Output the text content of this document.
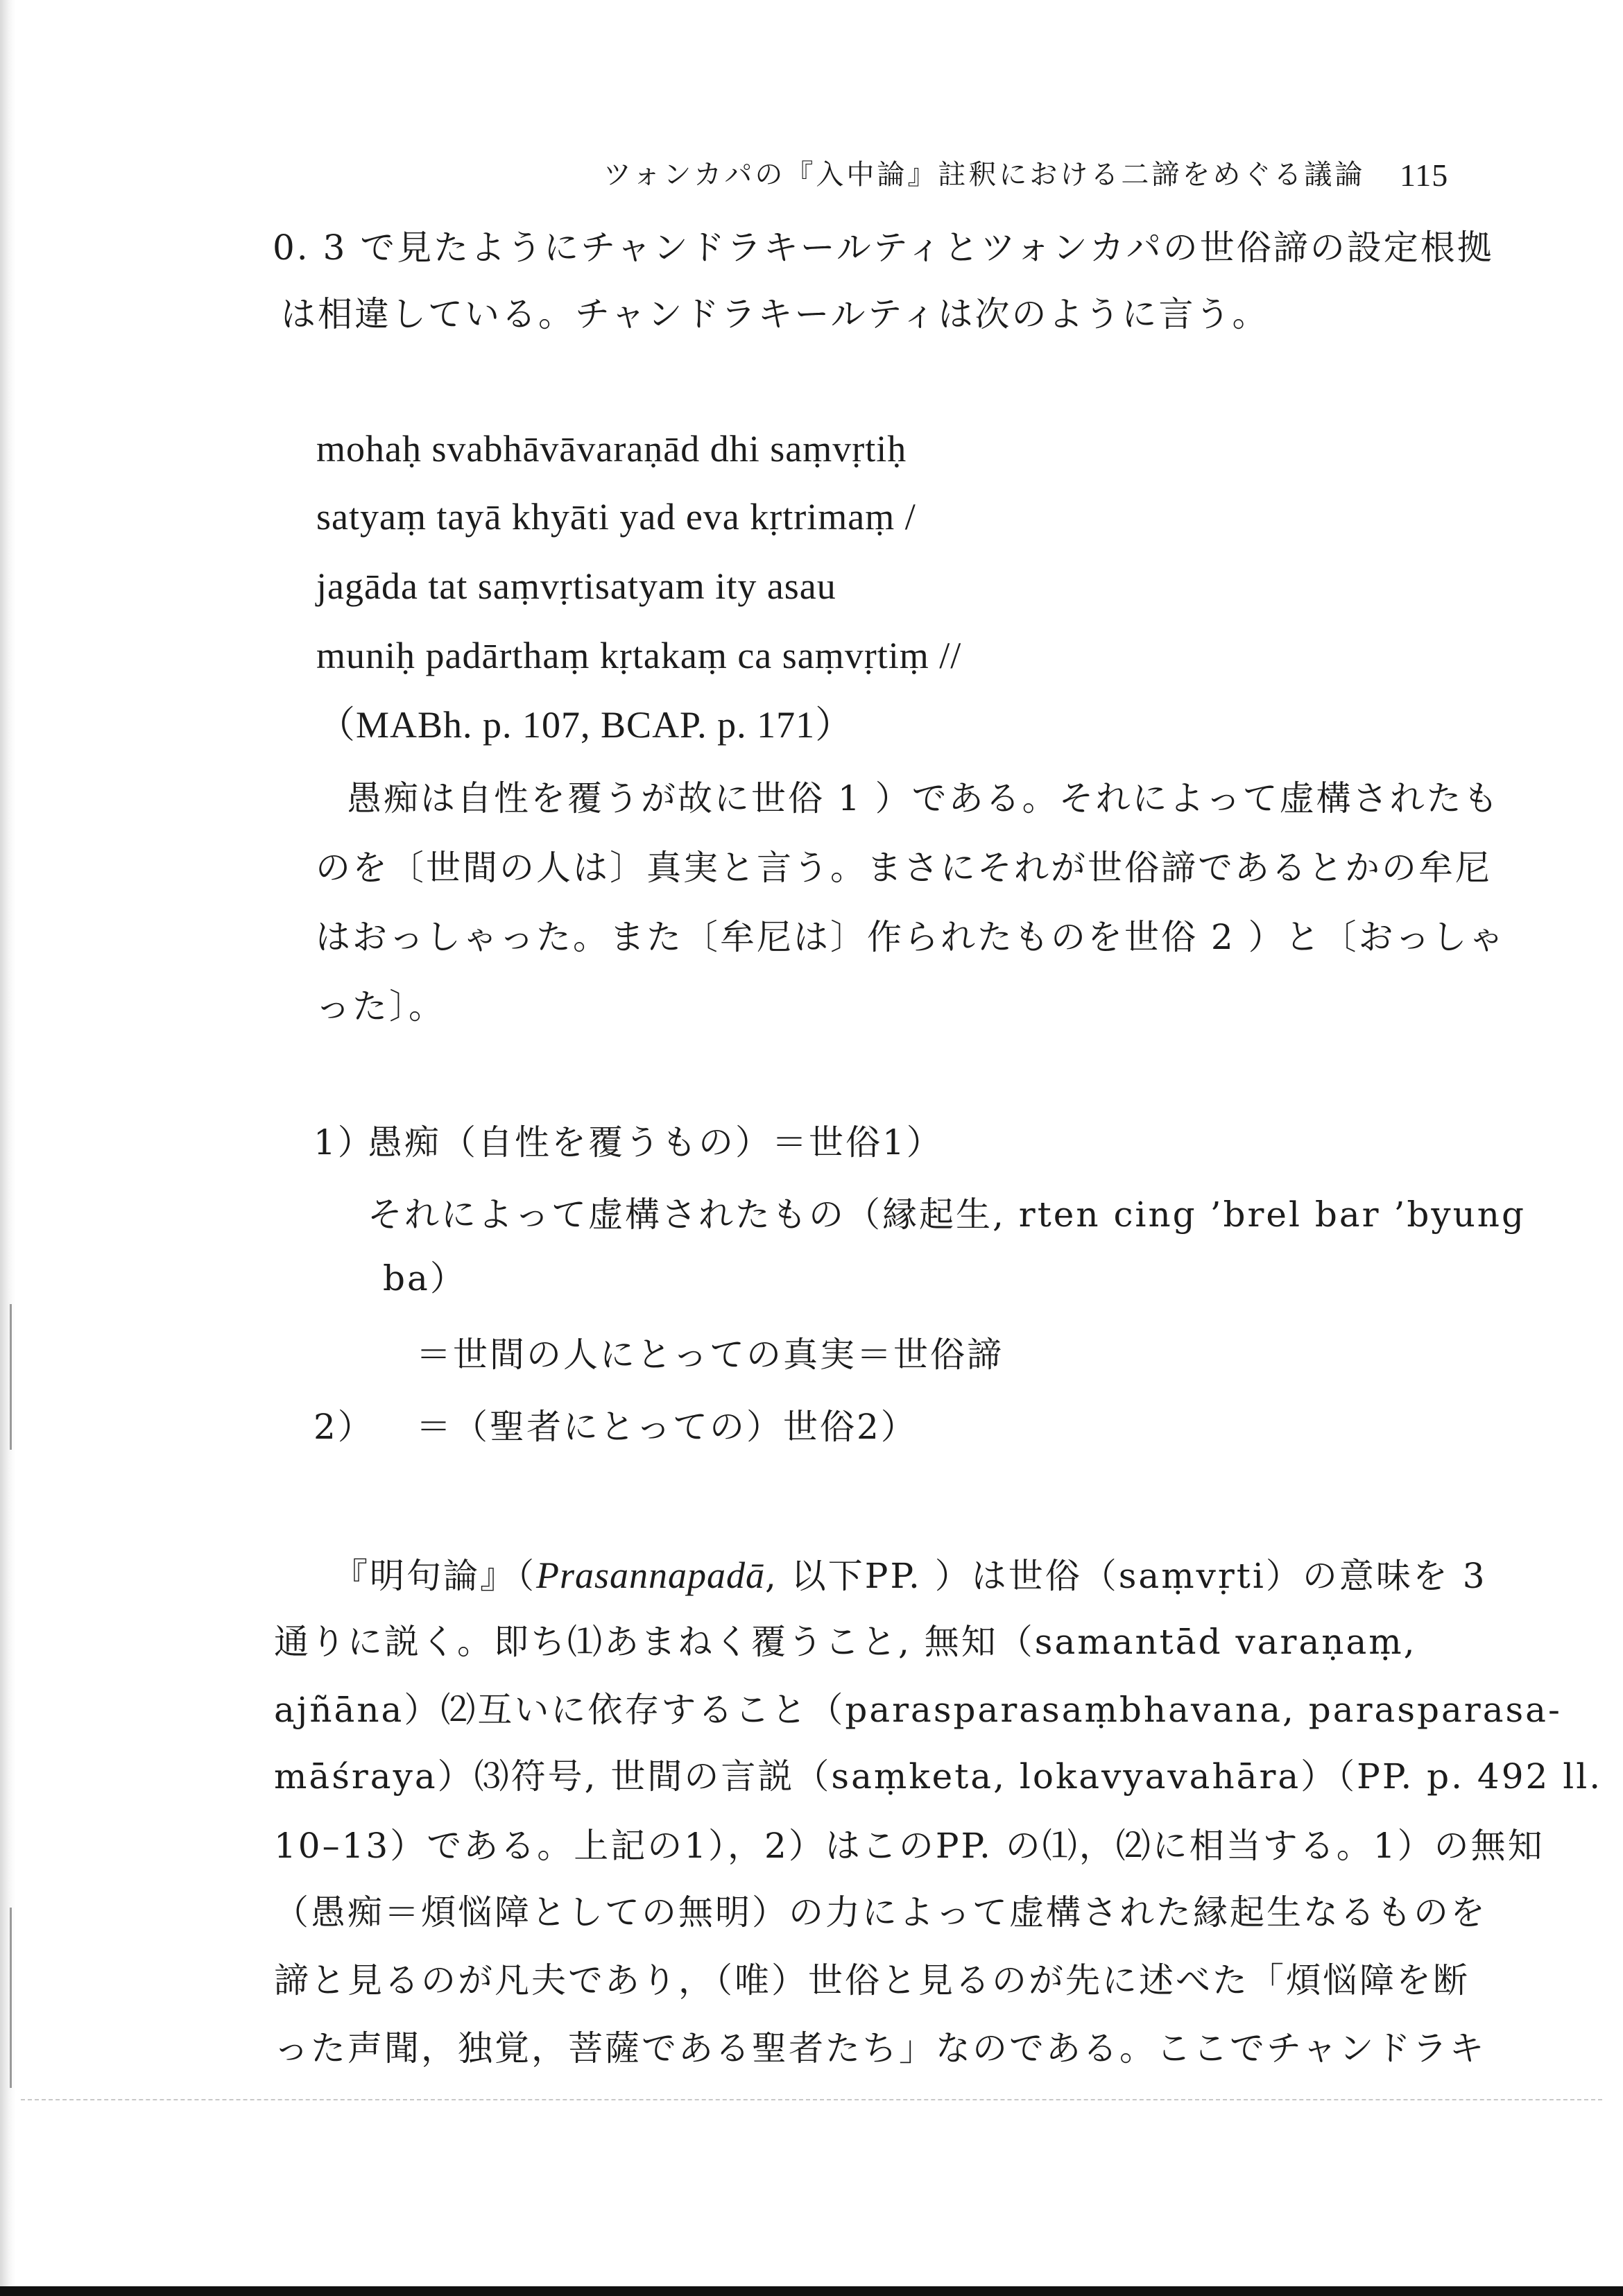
ツォンカパの『入中論』註釈における二諦をめぐる議論 115
0. 3 で見たようにチャンドラキールティとツォンカパの世俗諦の設定根拠
は相違している。チャンドラキールティは次のように言う。
mohaḥ svabhāvāvaraṇād dhi saṃvṛtiḥ
satyaṃ tayā khyāti yad eva kṛtrimaṃ /
jagāda tat saṃvṛtisatyam ity asau
muniḥ padārthaṃ kṛtakaṃ ca saṃvṛtiṃ //
（MABh. p. 107, BCAP. p. 171）
愚痴は自性を覆うが故に世俗 1 ）である。それによって虚構されたも
のを〔世間の人は〕真実と言う。まさにそれが世俗諦であるとかの牟尼
はおっしゃった。また〔牟尼は〕作られたものを世俗 2 ）と〔おっしゃ
った〕。
1）
愚痴（自性を覆うもの）＝世俗1）
それによって虚構されたもの（縁起生, rten cing ’brel bar ’byung
ba）
＝世間の人にとっての真実＝世俗諦
2） ＝（聖者にとっての）世俗2）
『明句論』（Prasannapadā, 以下PP. ）は世俗（saṃvṛti）の意味を 3
通りに説く。即ち⑴あまねく覆うこと, 無知（samantād varaṇaṃ,
ajñāna）⑵互いに依存すること（parasparasaṃbhavana, parasparasa-
māśraya）⑶符号, 世間の言説（saṃketa, lokavyavahāra）（PP. p. 492 ll.
10–13）である。上記の1），2）はこのPP. の⑴，⑵に相当する。1）の無知
（愚痴＝煩悩障としての無明）の力によって虚構された縁起生なるものを
諦と見るのが凡夫であり，（唯）世俗と見るのが先に述べた「煩悩障を断
った声聞，独覚，菩薩である聖者たち」なのである。ここでチャンドラキ
